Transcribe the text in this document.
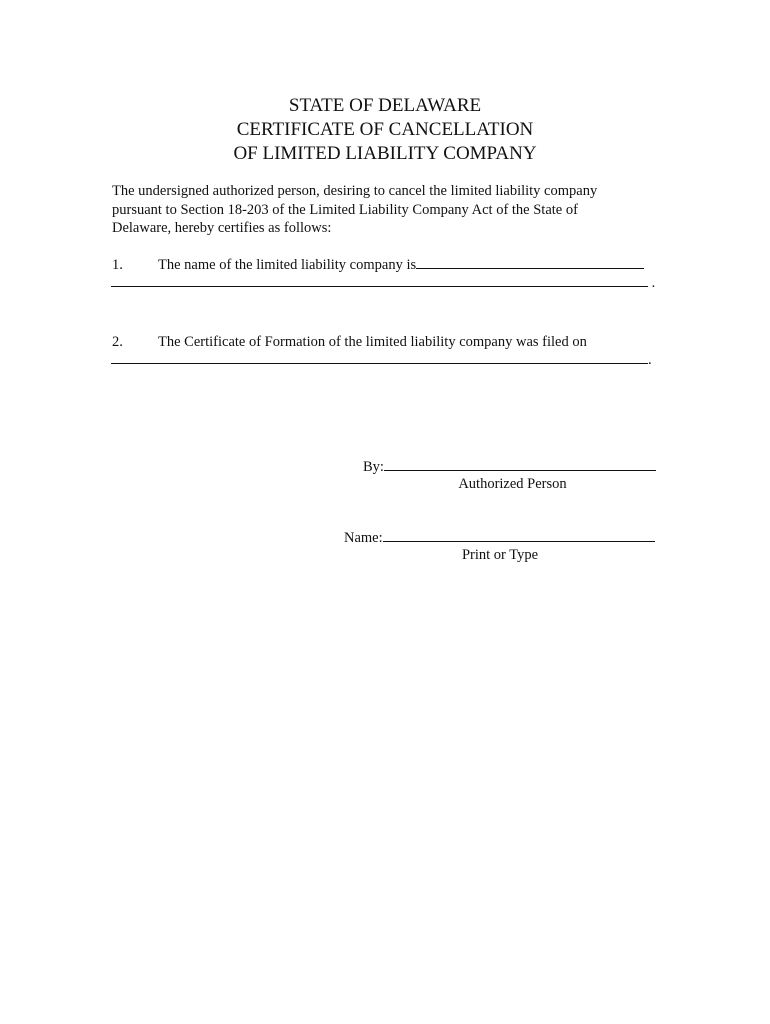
STATE OF DELAWARE
CERTIFICATE OF CANCELLATION
OF LIMITED LIABILITY COMPANY
The undersigned authorized person, desiring to cancel the limited liability company
pursuant to Section 18-203 of the Limited Liability Company Act of the State of
Delaware, hereby certifies as follows:
1. The name of the limited liability company is
.
2. The Certificate of Formation of the limited liability company was filed on
.
By:
Authorized Person
Name:
Print or Type
